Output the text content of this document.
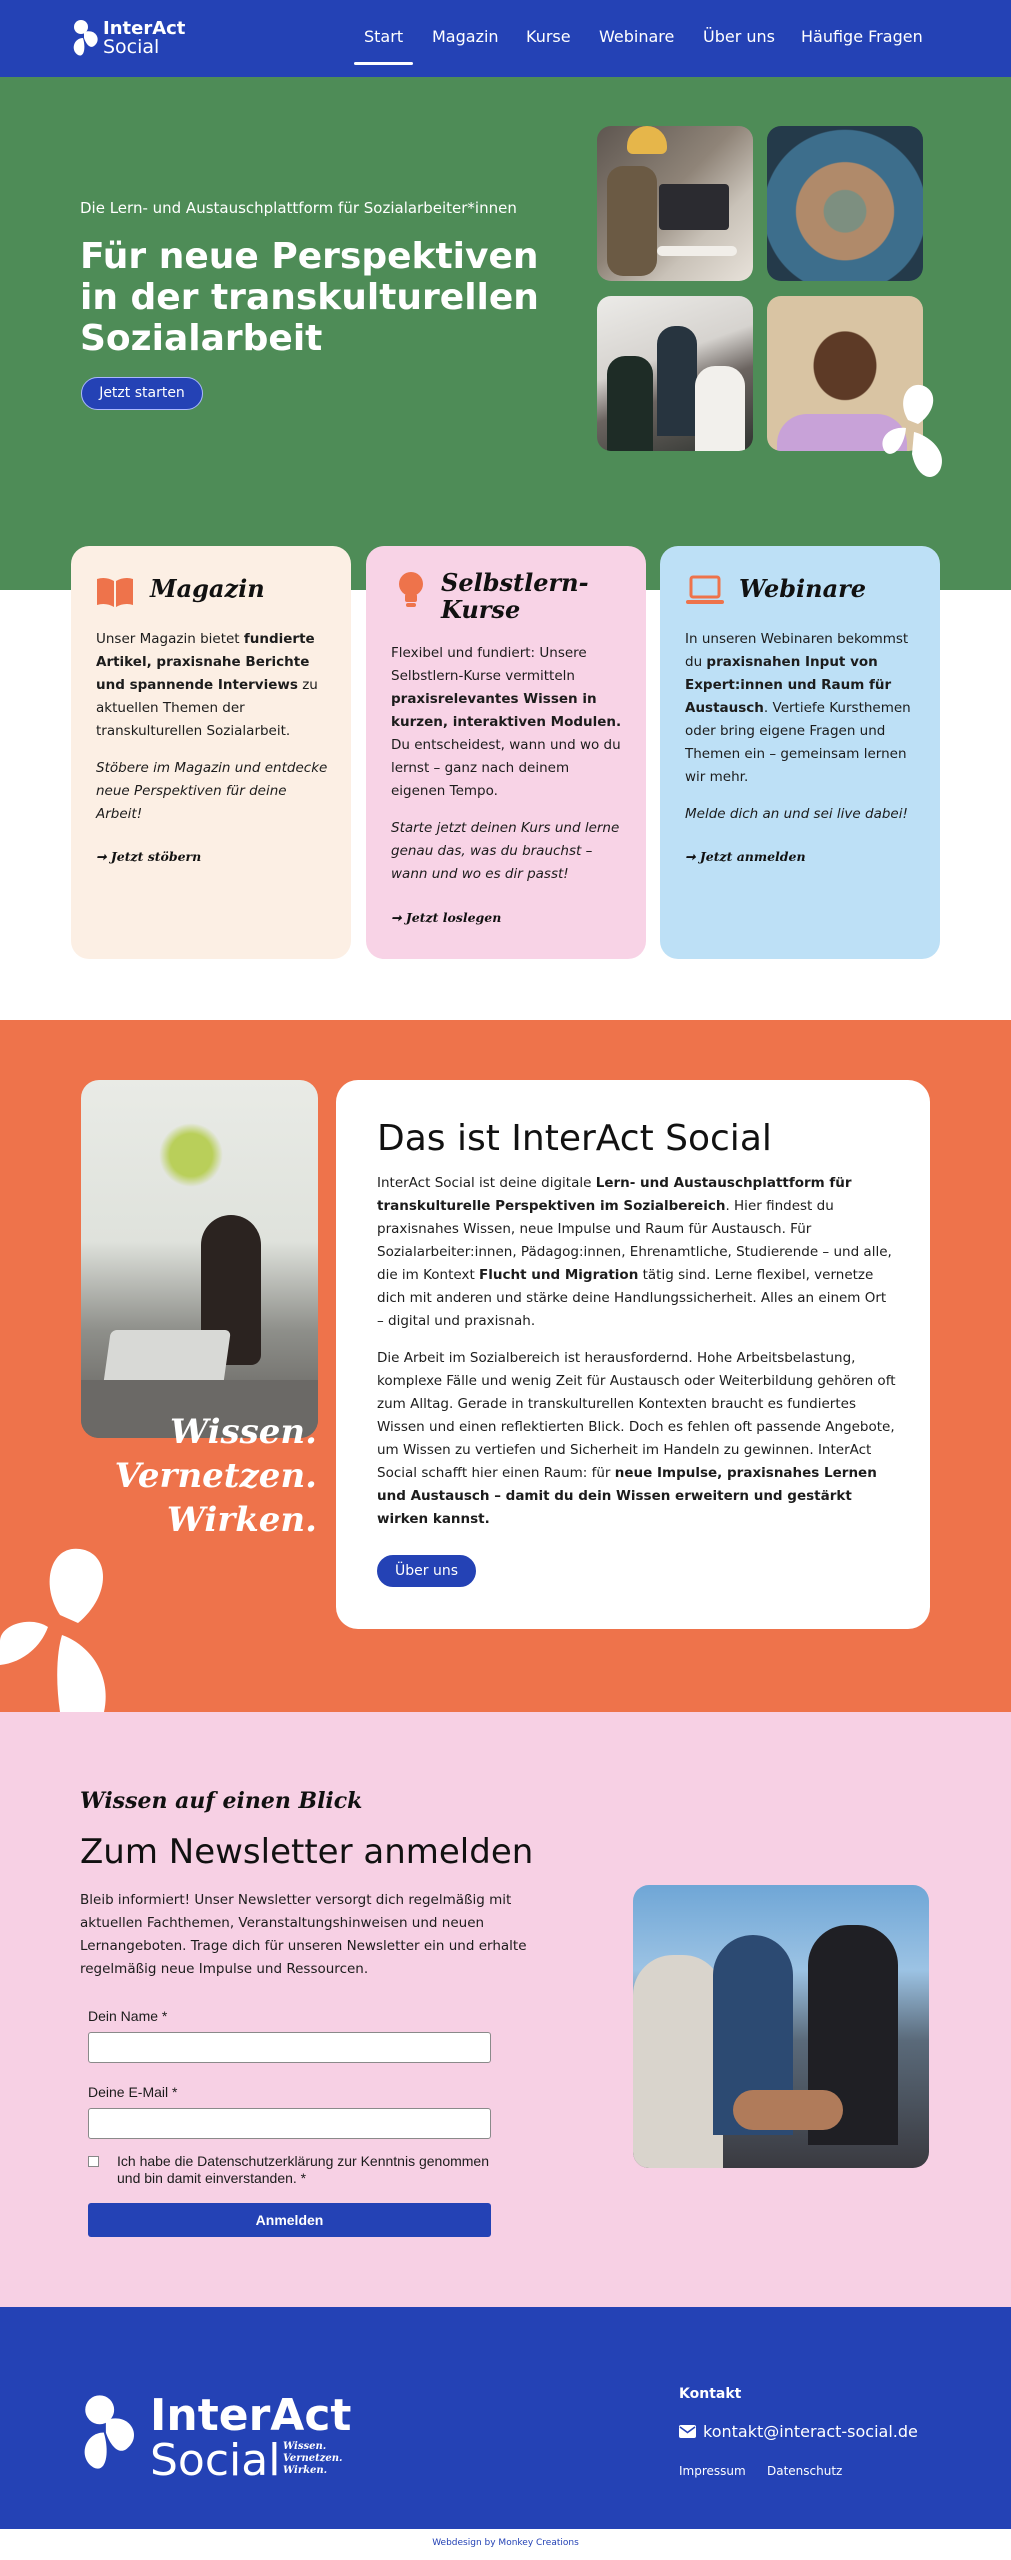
InterAct
Social	Start Magazin Kurse Webinare Über uns Häufige Fragen
Die Lern- und Austauschplattform für Sozialarbeiter*innen
Für neue Perspektiven in der transkulturellen Sozialarbeit
Jetzt starten
Magazin

Unser Magazin bietet fundierte Artikel, praxisnahe Berichte und spannende Interviews zu aktuellen Themen der transkulturellen Sozialarbeit.

Stöbere im Magazin und entdecke neue Perspektiven für deine Arbeit!

➞ Jetzt stöbern
Selbstlern-Kurse

Flexibel und fundiert: Unsere Selbstlern-Kurse vermitteln praxisrelevantes Wissen in kurzen, interaktiven Modulen. Du entscheidest, wann und wo du lernst – ganz nach deinem eigenen Tempo.

Starte jetzt deinen Kurs und lerne genau das, was du brauchst – wann und wo es dir passt!

➞ Jetzt loslegen
Webinare

In unseren Webinaren bekommst du praxisnahen Input von Expert:innen und Raum für Austausch. Vertiefe Kursthemen oder bring eigene Fragen und Themen ein – gemeinsam lernen wir mehr.

Melde dich an und sei live dabei!

➞ Jetzt anmelden
Wissen.
Vernetzen.
Wirken.
Das ist InterAct Social

InterAct Social ist deine digitale Lern- und Austauschplattform für transkulturelle Perspektiven im Sozialbereich. Hier findest du praxisnahes Wissen, neue Impulse und Raum für Austausch. Für Sozialarbeiter:innen, Pädagog:innen, Ehrenamtliche, Studierende – und alle, die im Kontext Flucht und Migration tätig sind. Lerne flexibel, vernetze dich mit anderen und stärke deine Handlungssicherheit. Alles an einem Ort – digital und praxisnah.

Die Arbeit im Sozialbereich ist herausfordernd. Hohe Arbeitsbelastung, komplexe Fälle und wenig Zeit für Austausch oder Weiterbildung gehören oft zum Alltag. Gerade in transkulturellen Kontexten braucht es fundiertes Wissen und einen reflektierten Blick. Doch es fehlen oft passende Angebote, um Wissen zu vertiefen und Sicherheit im Handeln zu gewinnen. InterAct Social schafft hier einen Raum: für neue Impulse, praxisnahes Lernen und Austausch – damit du dein Wissen erweitern und gestärkt wirken kannst.

Über uns
Wissen auf einen Blick
Zum Newsletter anmelden
Bleib informiert! Unser Newsletter versorgt dich regelmäßig mit aktuellen Fachthemen, Veranstaltungshinweisen und neuen Lernangeboten. Trage dich für unseren Newsletter ein und erhalte regelmäßig neue Impulse und Ressourcen.
Dein Name *
Deine E-Mail *
Ich habe die Datenschutzerklärung zur Kenntnis genommen und bin damit einverstanden. *
Anmelden
InterAct
Social Wissen.
Vernetzen.
Wirken.
Kontakt
kontakt@interact-social.de
Impressum Datenschutz
Webdesign by Monkey Creations
